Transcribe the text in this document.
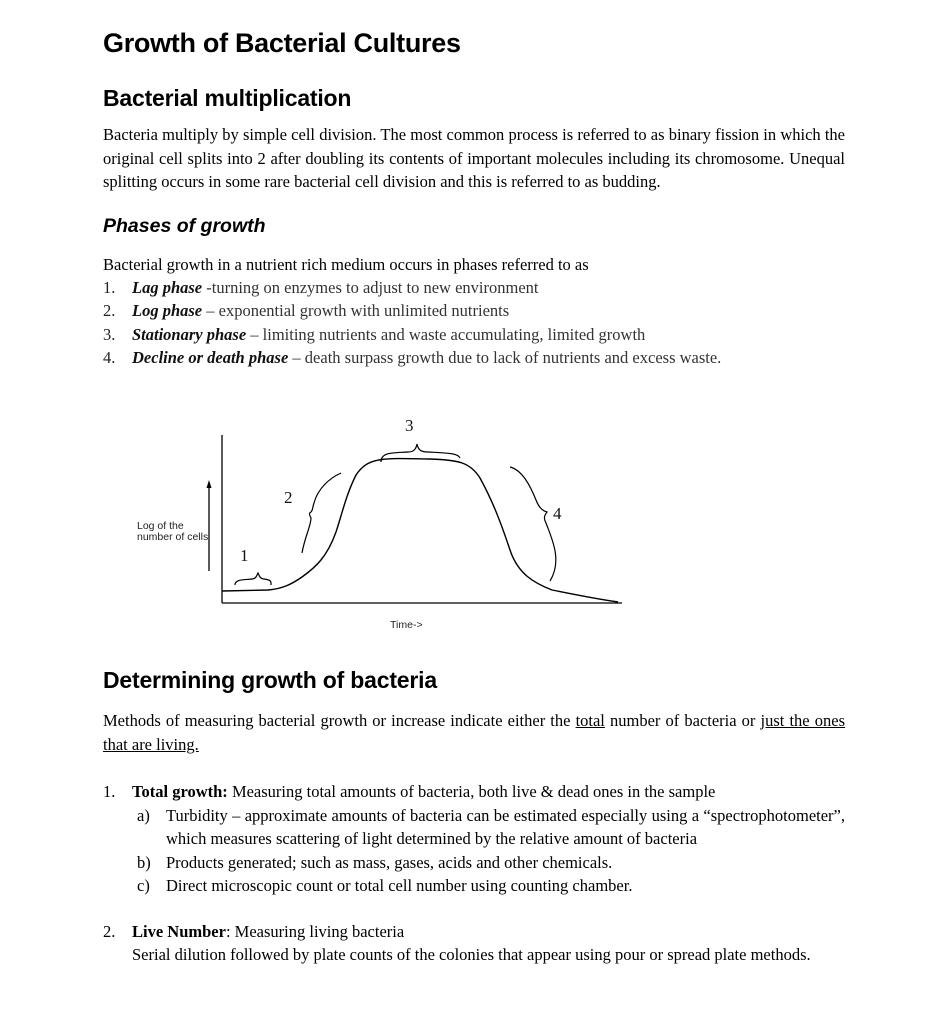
Growth of Bacterial Cultures
Bacterial multiplication

Bacteria multiply by simple cell division. The most common process is referred to as binary fission in which the original cell splits into 2 after doubling its contents of important molecules including its chromosome. Unequal splitting occurs in some rare bacterial cell division and this is referred to as budding.

Phases of growth

Bacterial growth in a nutrient rich medium occurs in phases referred to as

1. Lag phase -turning on enzymes to adjust to new environment
2. Log phase – exponential growth with unlimited nutrients
3. Stationary phase – limiting nutrients and waste accumulating, limited growth
4. Decline or death phase – death surpass growth due to lack of nutrients and excess waste.
Log of the
number of cells
Time->
1
2
3
4
Determining growth of bacteria

Methods of measuring bacterial growth or increase indicate either the total number of bacteria or just the ones that are living.

1. Total growth: Measuring total amounts of bacteria, both live & dead ones in the sample
a) Turbidity – approximate amounts of bacteria can be estimated especially using a “spectrophotometer”, which measures scattering of light determined by the relative amount of bacteria
b) Products generated; such as mass, gases, acids and other chemicals.
c) Direct microscopic count or total cell number using counting chamber.
2. Live Number: Measuring living bacteria
Serial dilution followed by plate counts of the colonies that appear using pour or spread plate methods.
